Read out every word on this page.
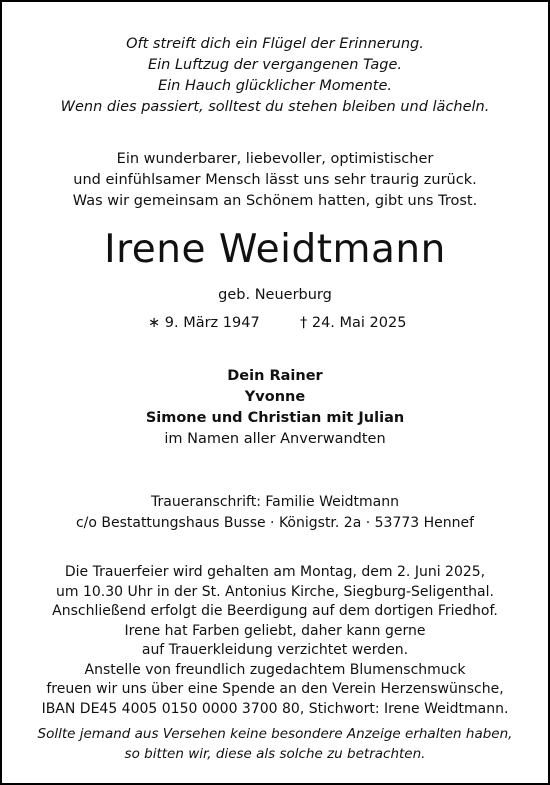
Oft streift dich ein Flügel der Erinnerung.
Ein Luftzug der vergangenen Tage.
Ein Hauch glücklicher Momente.
Wenn dies passiert, solltest du stehen bleiben und lächeln.
Ein wunderbarer, liebevoller, optimistischer
und einfühlsamer Mensch lässt uns sehr traurig zurück.
Was wir gemeinsam an Schönem hatten, gibt uns Trost.
Irene Weidtmann
geb. Neuerburg
∗ 9. März 1947	† 24. Mai 2025
Dein Rainer
Yvonne
Simone und Christian mit Julian
im Namen aller Anverwandten
Traueranschrift: Familie Weidtmann
c/o Bestattungshaus Busse · Königstr. 2a · 53773 Hennef
Die Trauerfeier wird gehalten am Montag, dem 2. Juni 2025,
um 10.30 Uhr in der St. Antonius Kirche, Siegburg-Seligenthal.
Anschließend erfolgt die Beerdigung auf dem dortigen Friedhof.
Irene hat Farben geliebt, daher kann gerne
auf Trauerkleidung verzichtet werden.
Anstelle von freundlich zugedachtem Blumenschmuck
freuen wir uns über eine Spende an den Verein Herzenswünsche,
IBAN DE45 4005 0150 0000 3700 80, Stichwort: Irene Weidtmann.
Sollte jemand aus Versehen keine besondere Anzeige erhalten haben,
so bitten wir, diese als solche zu betrachten.
